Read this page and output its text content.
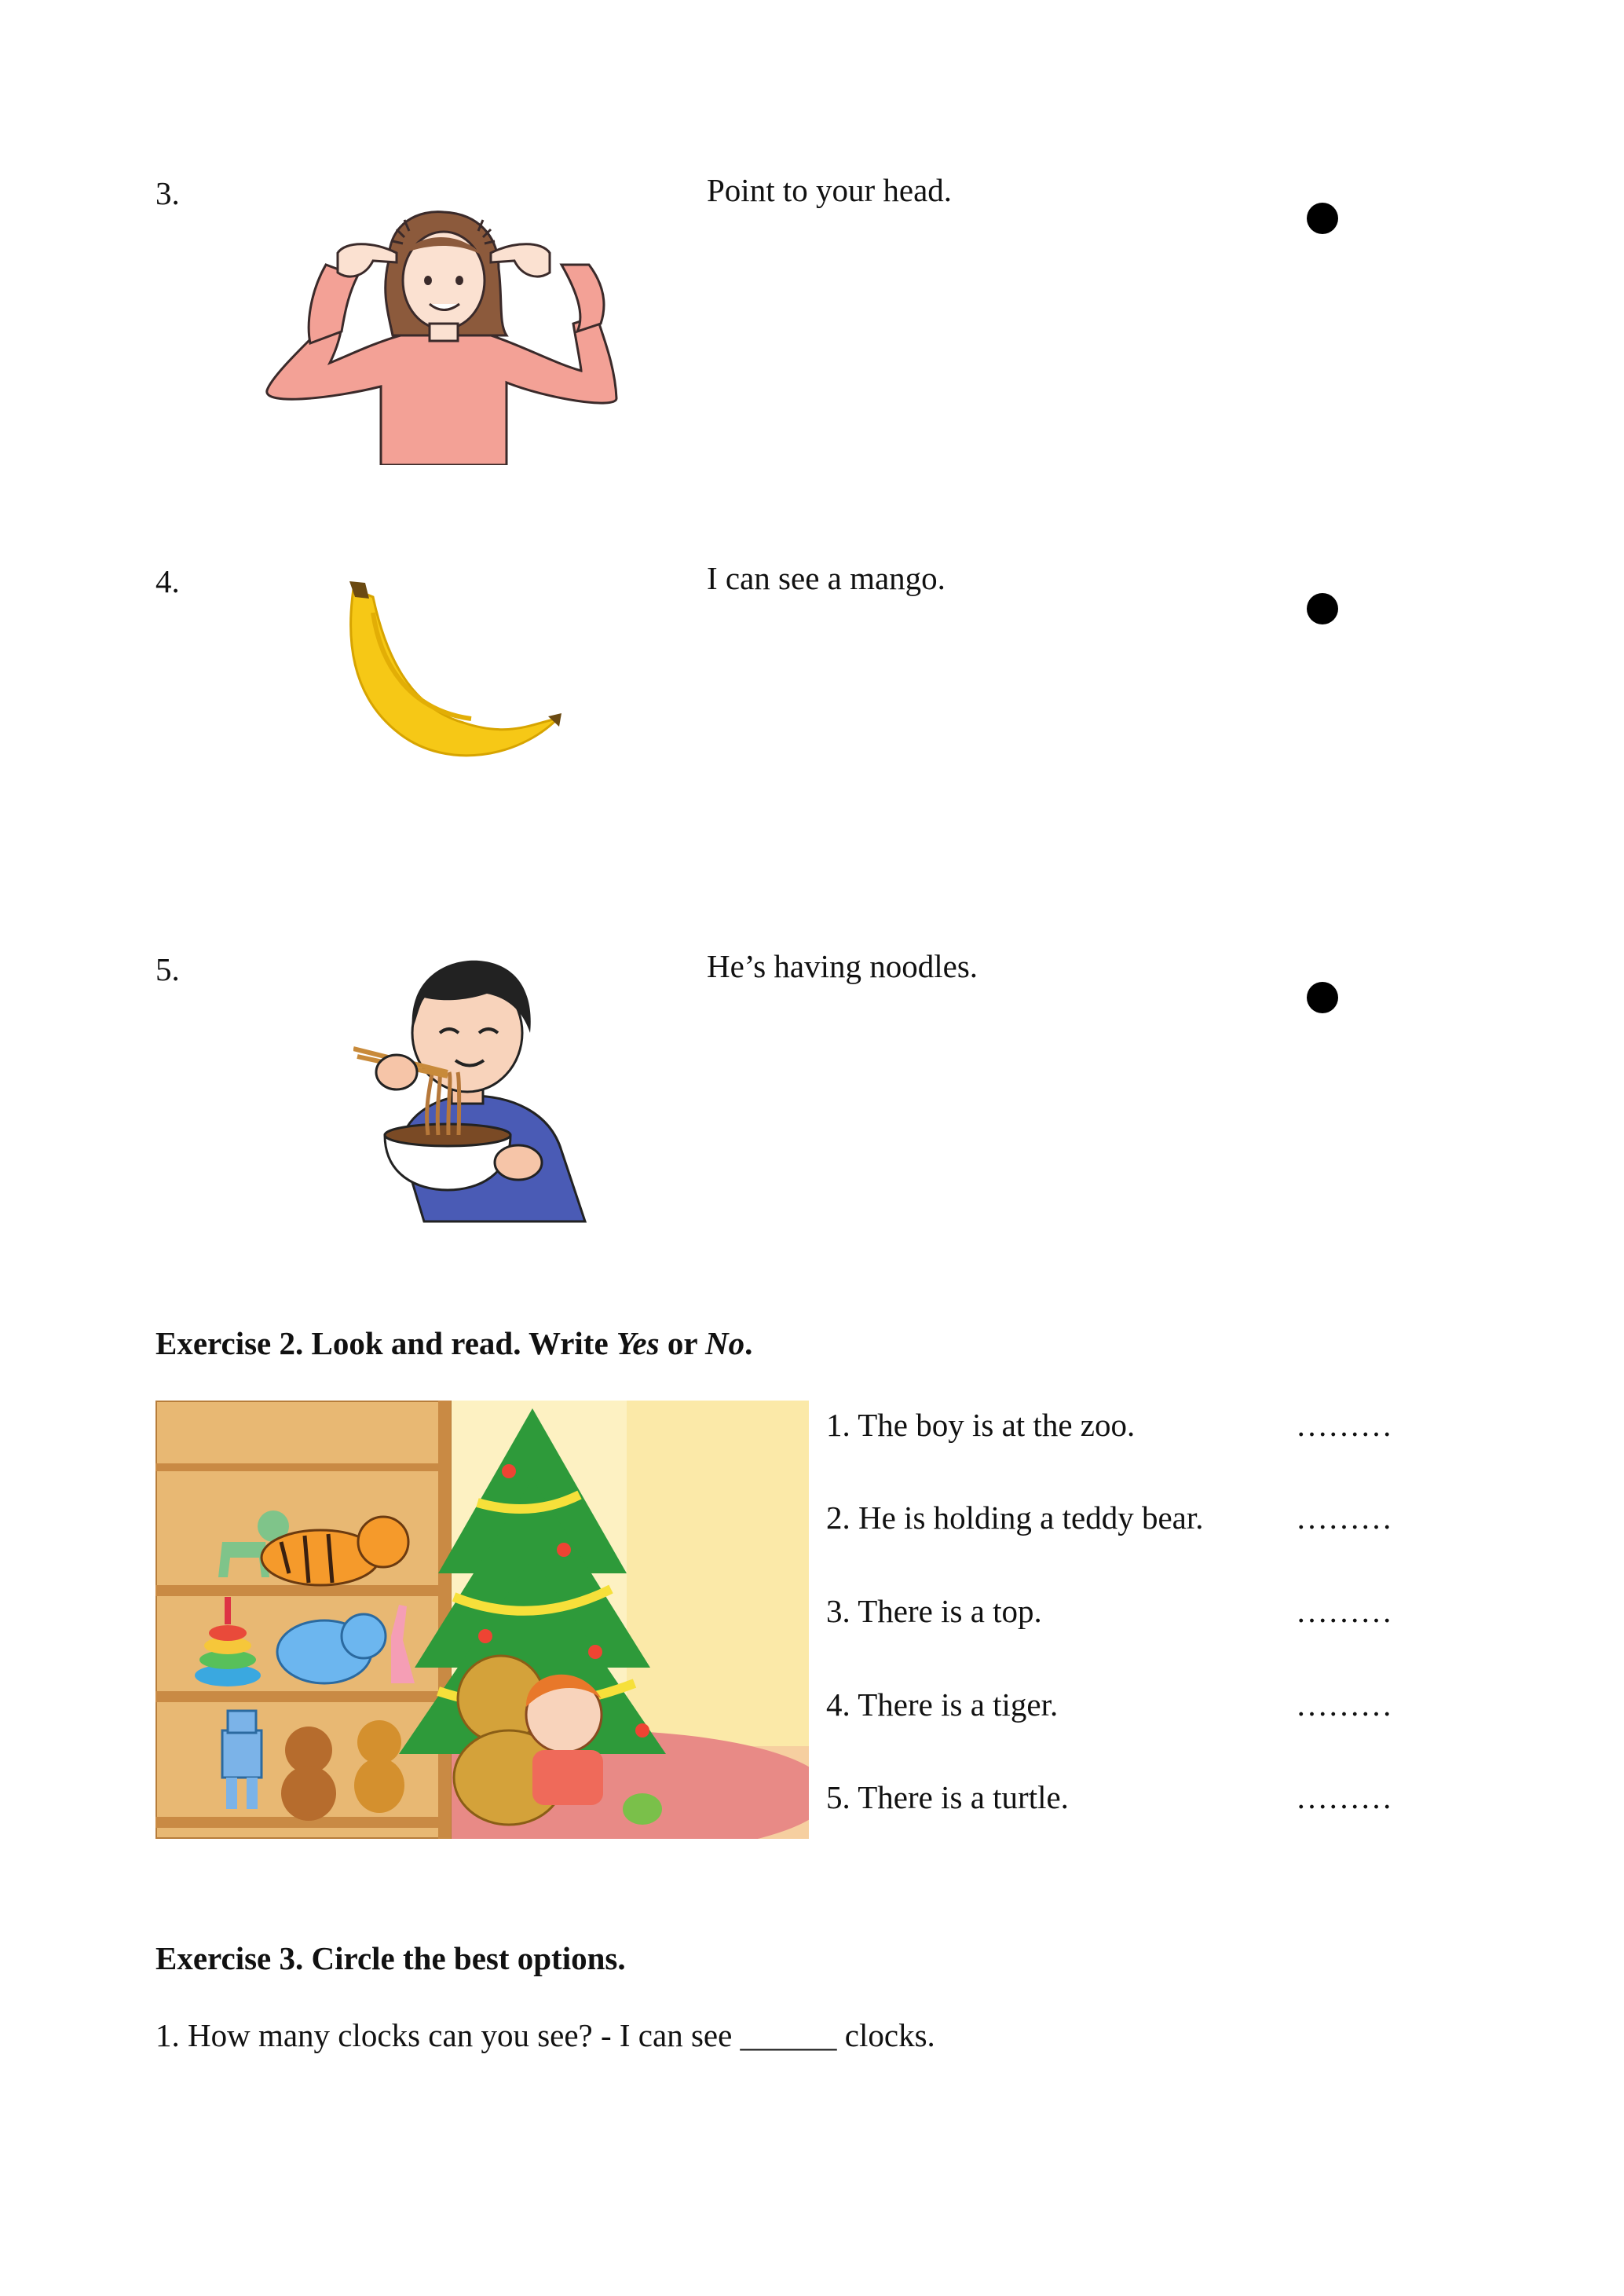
3.	Point to your head.
4.	I can see a mango.
5.	He’s having noodles.
Exercise 2. Look and read. Write Yes or No.
1. The boy is at the zoo.	………
2. He is holding a teddy bear.	………
3. There is a top.	………
4. There is a tiger.	………
5. There is a turtle.	………
Exercise 3. Circle the best options.
1. How many clocks can you see? - I can see ______ clocks.
